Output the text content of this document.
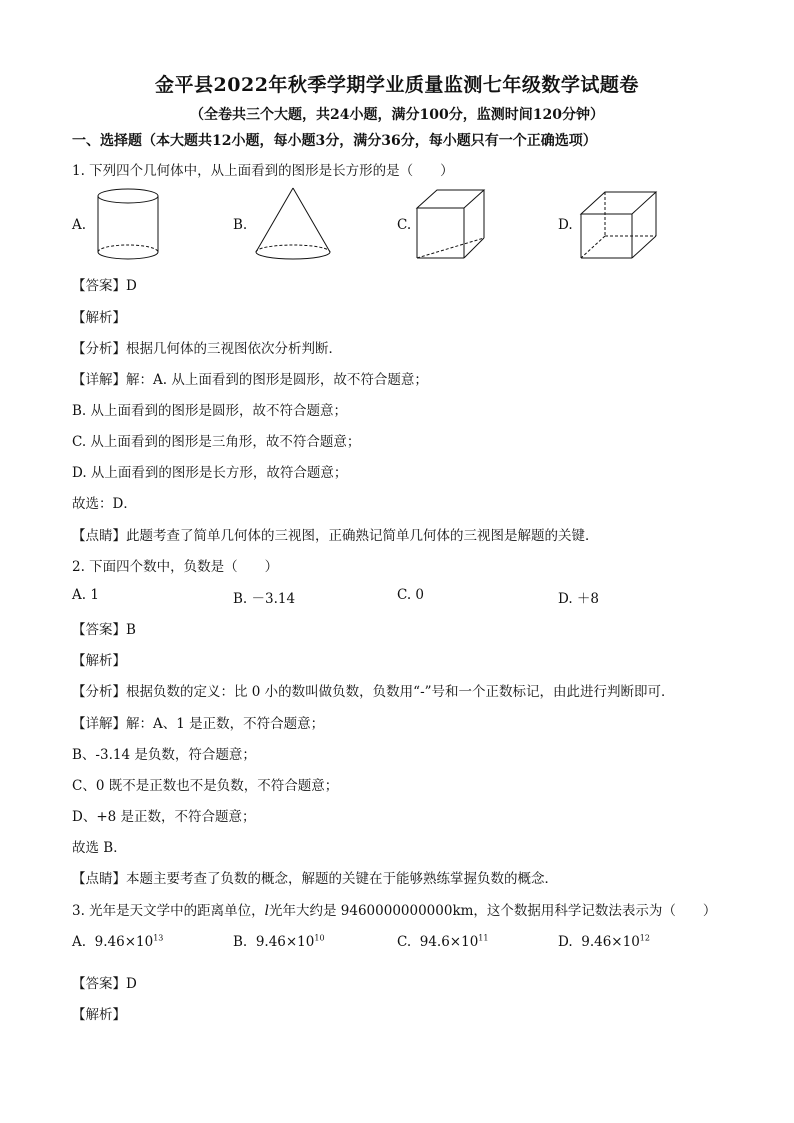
金平县2022年秋季学期学业质量监测七年级数学试题卷
（全卷共三个大题，共24小题，满分100分，监测时间120分钟）
一、选择题（本大题共12小题，每小题3分，满分36分，每小题只有一个正确选项）
1. 下列四个几何体中，从上面看到的图形是长方形的是（　　）
A.	B.	C.	D.
【答案】D
【解析】
【分析】根据几何体的三视图依次分析判断．
【详解】解：A. 从上面看到的图形是圆形，故不符合题意；
B. 从上面看到的图形是圆形，故不符合题意；
C. 从上面看到的图形是三角形，故不符合题意；
D. 从上面看到的图形是长方形，故符合题意；
故选：D．
【点睛】此题考查了简单几何体的三视图，正确熟记简单几何体的三视图是解题的关键．
2. 下面四个数中，负数是（　　）
A. 1	B. －3.14	C. 0	D. ＋8
【答案】B
【解析】
【分析】根据负数的定义：比 0 小的数叫做负数，负数用“-”号和一个正数标记，由此进行判断即可．
【详解】解：A、1 是正数，不符合题意；
B、-3.14 是负数，符合题意；
C、0 既不是正数也不是负数，不符合题意；
D、+8 是正数，不符合题意；
故选 B．
【点睛】本题主要考查了负数的概念，解题的关键在于能够熟练掌握负数的概念．
3. 光年是天文学中的距离单位，l光年大约是 9460000000000km，这个数据用科学记数法表示为（　　）
A. $9.46\times 10^{13}$	B. $9.46\times 10^{10}$	C. $94.6\times 10^{11}$	D. $9.46\times 10^{12}$
【答案】D
【解析】
